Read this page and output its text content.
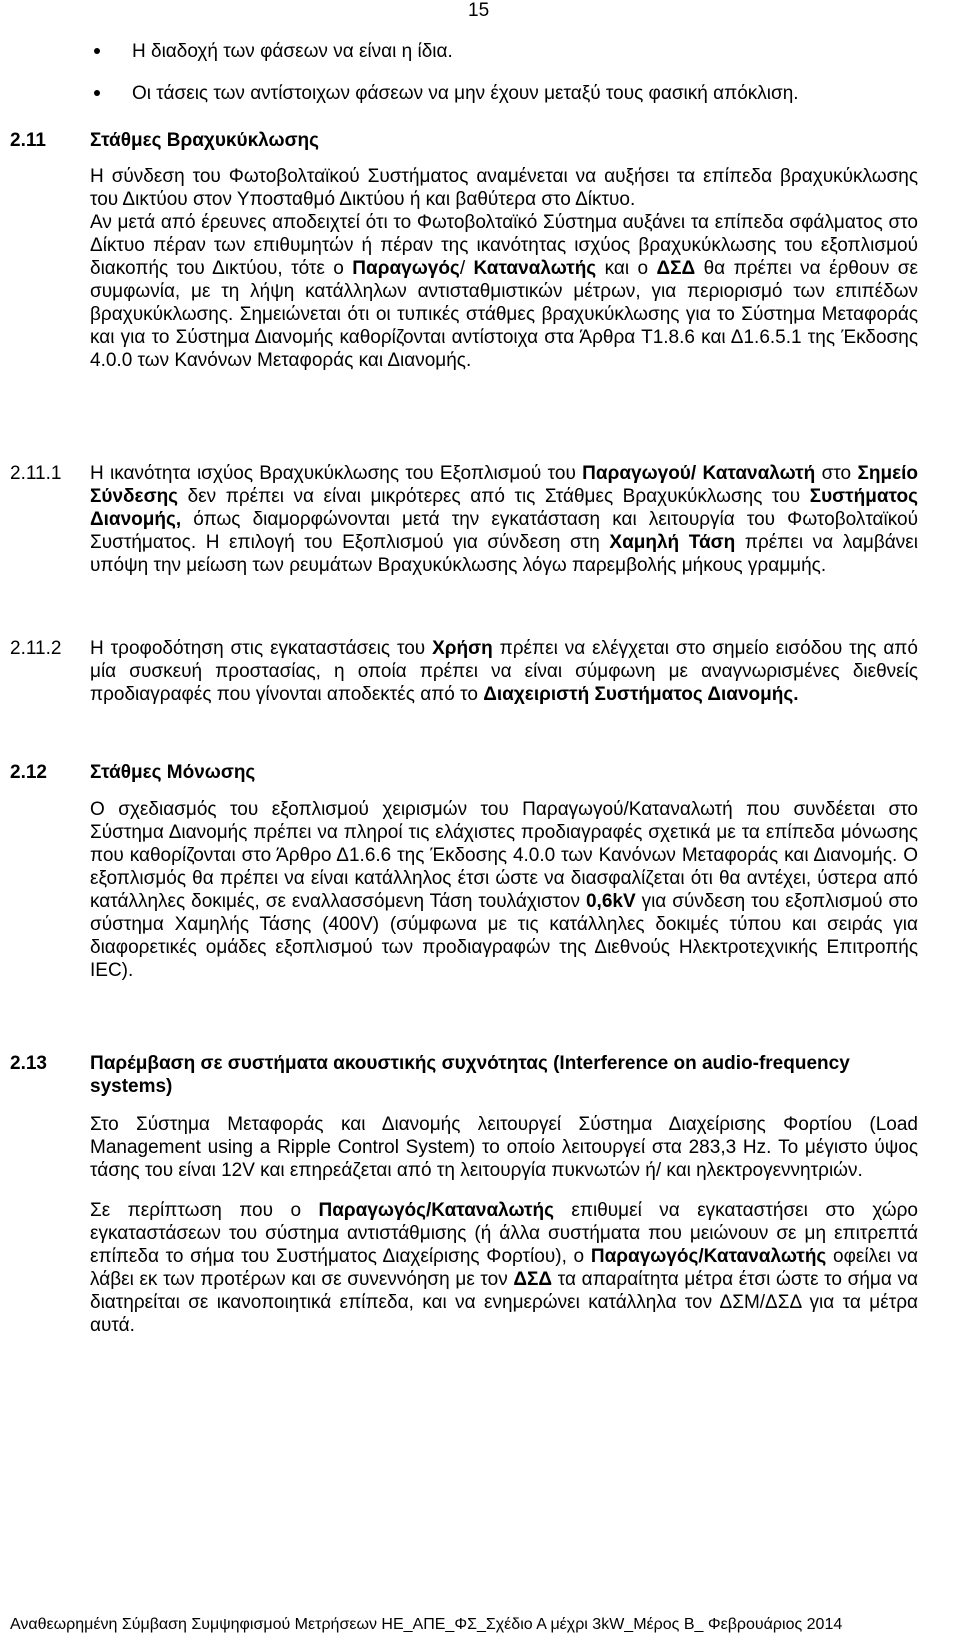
15
Η διαδοχή των φάσεων να είναι η ίδια.
Οι τάσεις των αντίστοιχων φάσεων να μην έχουν μεταξύ τους φασική απόκλιση.
2.11	Στάθμες Βραχυκύκλωσης

Η σύνδεση του Φωτοβολταϊκού Συστήματος αναμένεται να αυξήσει τα επίπεδα βραχυκύκλωσης του Δικτύου στον Υποσταθμό Δικτύου ή και βαθύτερα στο Δίκτυο.

Αν μετά από έρευνες αποδειχτεί ότι το Φωτοβολταϊκό Σύστημα αυξάνει τα επίπεδα σφάλματος στο Δίκτυο πέραν των επιθυμητών ή πέραν της ικανότητας ισχύος βραχυκύκλωσης του εξοπλισμού διακοπής του Δικτύου, τότε ο Παραγωγός/ Καταναλωτής και ο ΔΣΔ θα πρέπει να έρθουν σε συμφωνία, με τη λήψη κατάλληλων αντισταθμιστικών μέτρων, για περιορισμό των επιπέδων βραχυκύκλωσης. Σημειώνεται ότι οι τυπικές στάθμες βραχυκύκλωσης για το Σύστημα Μεταφοράς και για το Σύστημα Διανομής καθορίζονται αντίστοιχα στα Άρθρα Τ1.8.6 και Δ1.6.5.1 της Έκδοσης 4.0.0 των Κανόνων Μεταφοράς και Διανομής.

2.11.1	Η ικανότητα ισχύος Βραχυκύκλωσης του Εξοπλισμού του Παραγωγού/ Καταναλωτή στο Σημείο Σύνδεσης δεν πρέπει να είναι μικρότερες από τις Στάθμες Βραχυκύκλωσης του Συστήματος Διανομής, όπως διαμορφώνονται μετά την εγκατάσταση και λειτουργία του Φωτοβολταϊκού Συστήματος. Η επιλογή του Εξοπλισμού για σύνδεση στη Χαμηλή Τάση πρέπει να λαμβάνει υπόψη την μείωση των ρευμάτων Βραχυκύκλωσης λόγω παρεμβολής μήκους γραμμής.
2.11.2	Η τροφοδότηση στις εγκαταστάσεις του Χρήση πρέπει να ελέγχεται στο σημείο εισόδου της από μία συσκευή προστασίας, η οποία πρέπει να είναι σύμφωνη με αναγνωρισμένες διεθνείς προδιαγραφές που γίνονται αποδεκτές από το Διαχειριστή Συστήματος Διανομής.
2.12	Στάθμες Μόνωσης

Ο σχεδιασμός του εξοπλισμού χειρισμών του Παραγωγού/Καταναλωτή που συνδέεται στο Σύστημα Διανομής πρέπει να πληροί τις ελάχιστες προδιαγραφές σχετικά με τα επίπεδα μόνωσης που καθορίζονται στο Άρθρο Δ1.6.6 της Έκδοσης 4.0.0 των Κανόνων Μεταφοράς και Διανομής. Ο εξοπλισμός θα πρέπει να είναι κατάλληλος έτσι ώστε να διασφαλίζεται ότι θα αντέχει, ύστερα από κατάλληλες δοκιμές, σε εναλλασσόμενη Τάση τουλάχιστον 0,6kV για σύνδεση του εξοπλισμού στο σύστημα Χαμηλής Τάσης (400V) (σύμφωνα με τις κατάλληλες δοκιμές τύπου και σειράς για διαφορετικές ομάδες εξοπλισμού των προδιαγραφών της Διεθνούς Ηλεκτροτεχνικής Επιτροπής IEC).

2.13	Παρέμβαση σε συστήματα ακουστικής συχνότητας (Interference on audio-frequency systems)

Στο Σύστημα Μεταφοράς και Διανομής λειτουργεί Σύστημα Διαχείρισης Φορτίου (Load Management using a Ripple Control System) το οποίο λειτουργεί στα 283,3 Hz. Το μέγιστο ύψος τάσης του είναι 12V και επηρεάζεται από τη λειτουργία πυκνωτών ή/ και ηλεκτρογεννητριών.

Σε περίπτωση που ο Παραγωγός/Καταναλωτής επιθυμεί να εγκαταστήσει στο χώρο εγκαταστάσεων του σύστημα αντιστάθμισης (ή άλλα συστήματα που μειώνουν σε μη επιτρεπτά επίπεδα το σήμα του Συστήματος Διαχείρισης Φορτίου), ο Παραγωγός/Καταναλωτής οφείλει να λάβει εκ των προτέρων και σε συνεννόηση με τον ΔΣΔ τα απαραίτητα μέτρα έτσι ώστε το σήμα να διατηρείται σε ικανοποιητικά επίπεδα, και να ενημερώνει κατάλληλα τον ΔΣΜ/ΔΣΔ για τα μέτρα αυτά.

Αναθεωρημένη Σύμβαση Συμψηφισμού Μετρήσεων ΗΕ_ΑΠΕ_ΦΣ_Σχέδιο Α μέχρι 3kW_Μέρος Β_ Φεβρουάριος 2014
